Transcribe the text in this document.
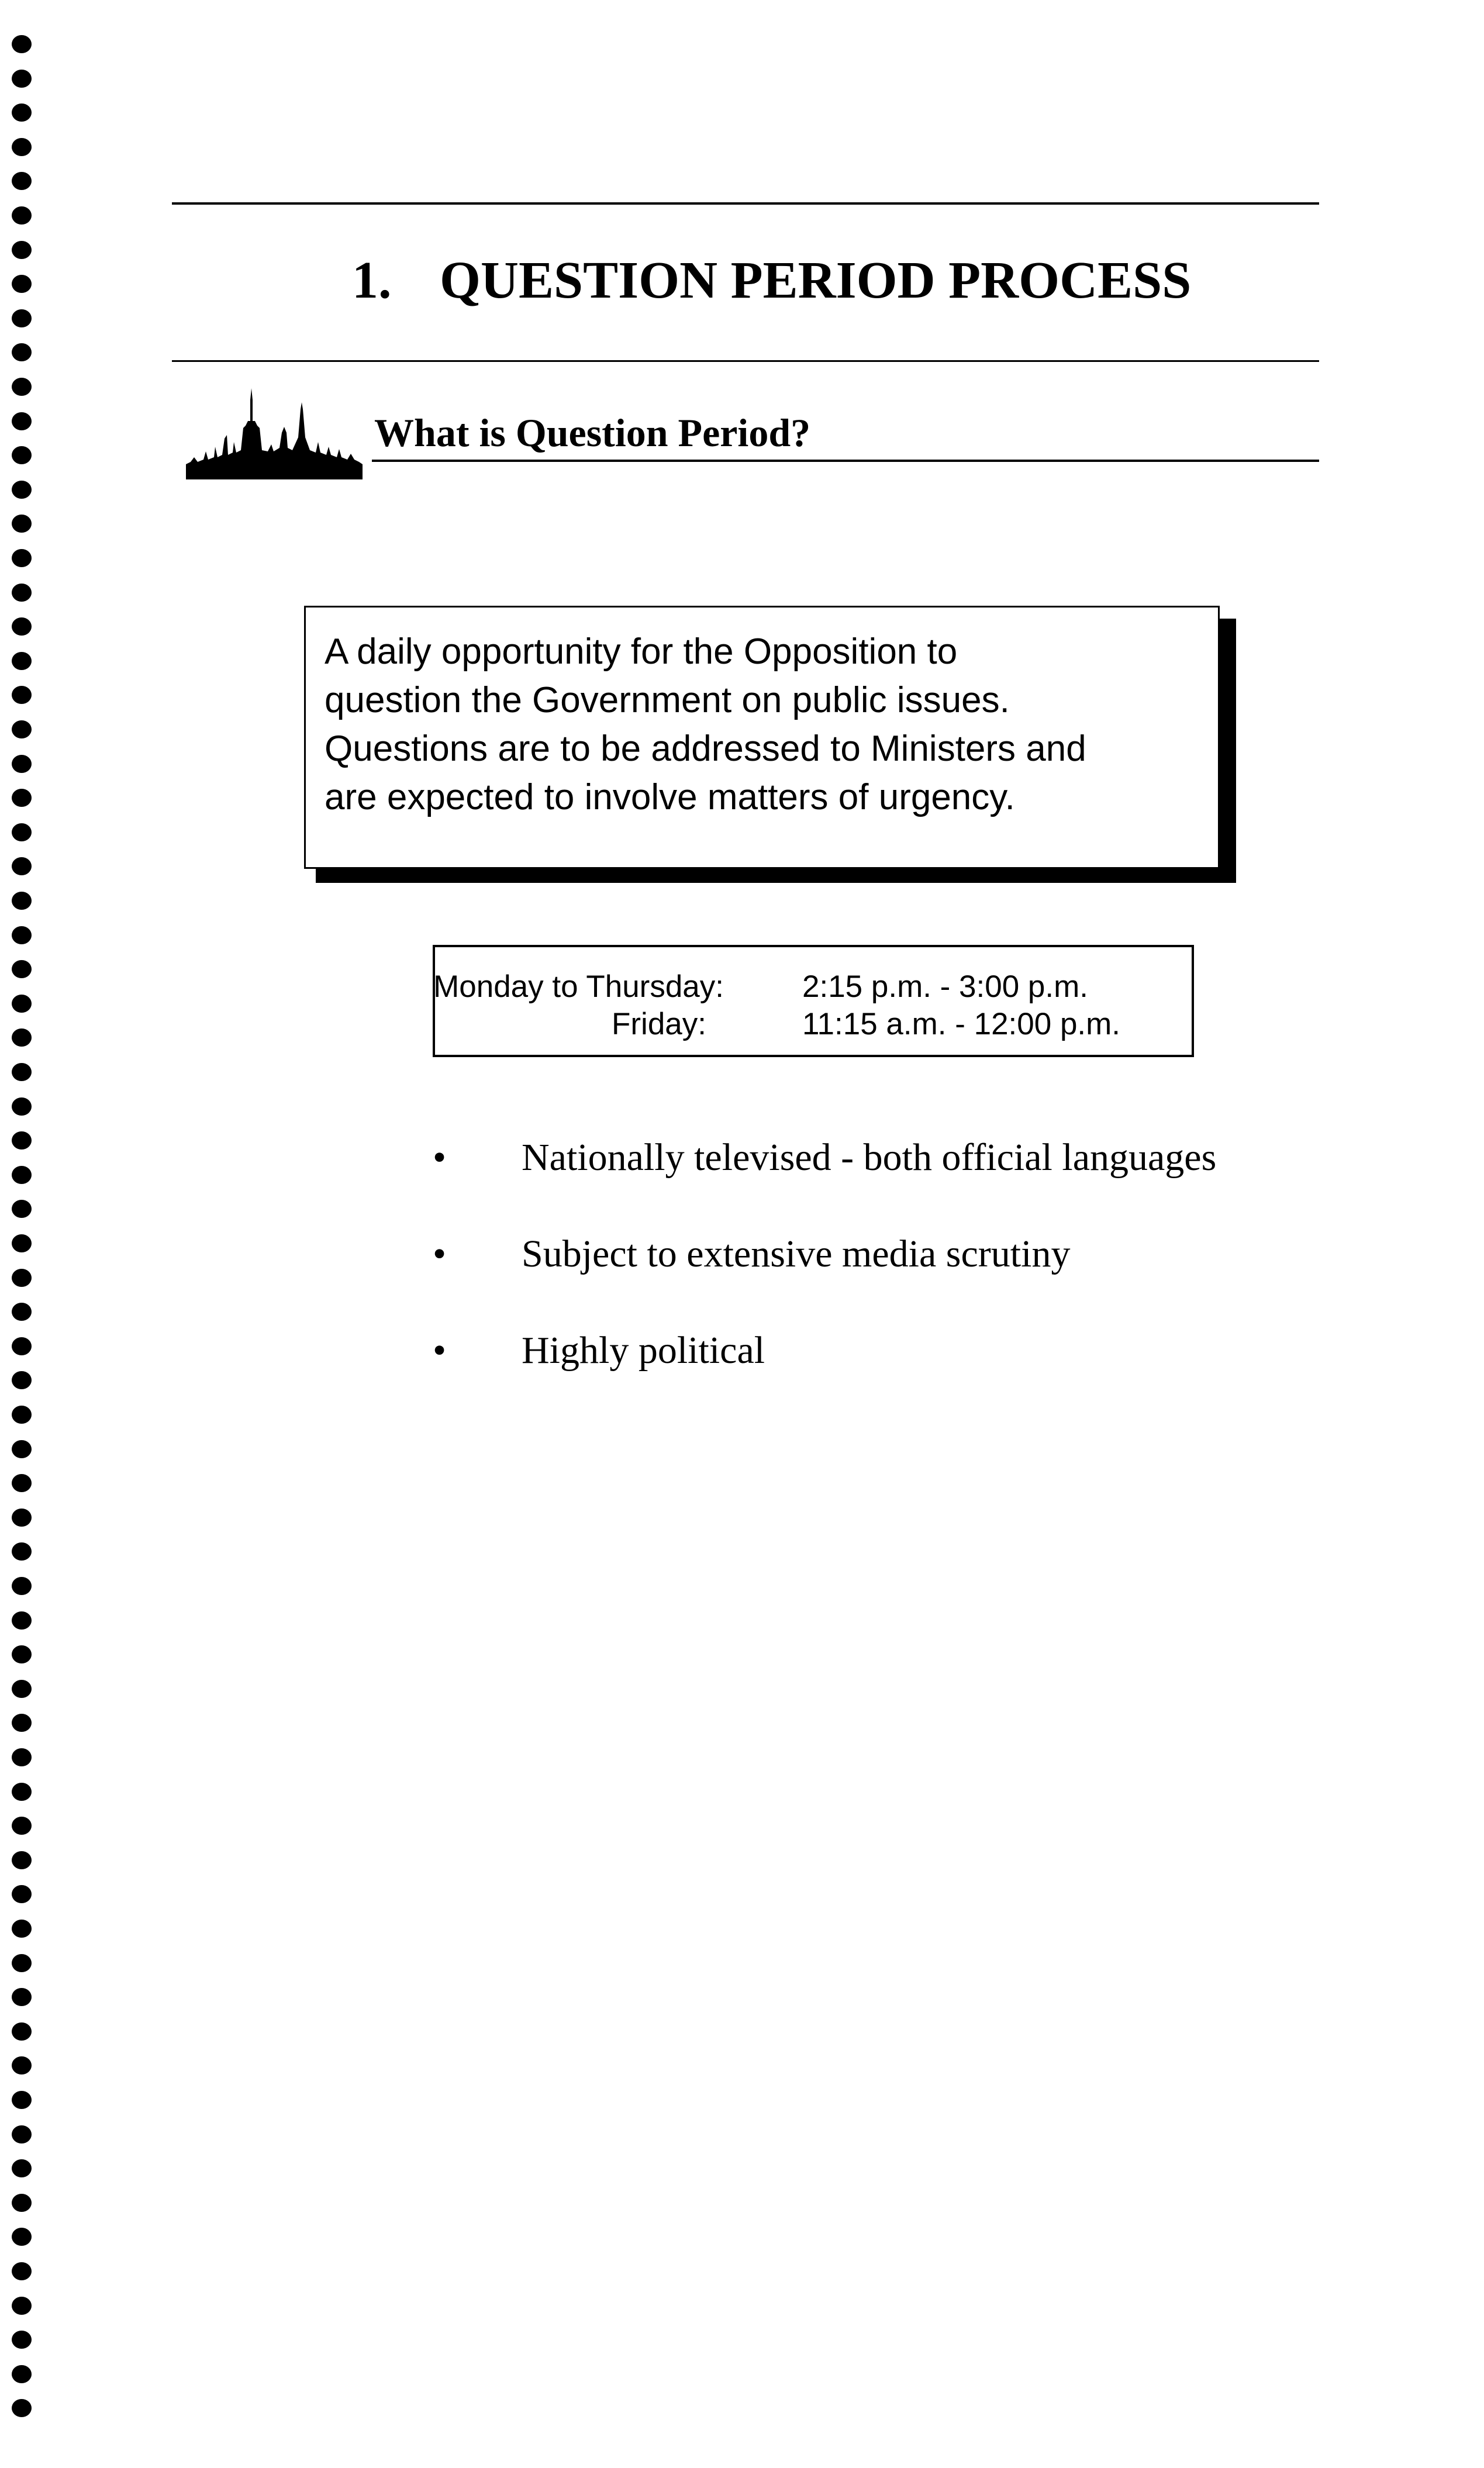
1. QUESTION PERIOD PROCESS
What is Question Period?

A daily opportunity for the Opposition to

question the Government on public issues.

Questions are to be addressed to Ministers and

are expected to involve matters of urgency.

Monday to Thursday:	2:15 p.m. - 3:00 p.m.
Friday:	11:15 a.m. - 12:00 p.m.
•	Nationally televised - both official languages
•	Subject to extensive media scrutiny
•	Highly political
